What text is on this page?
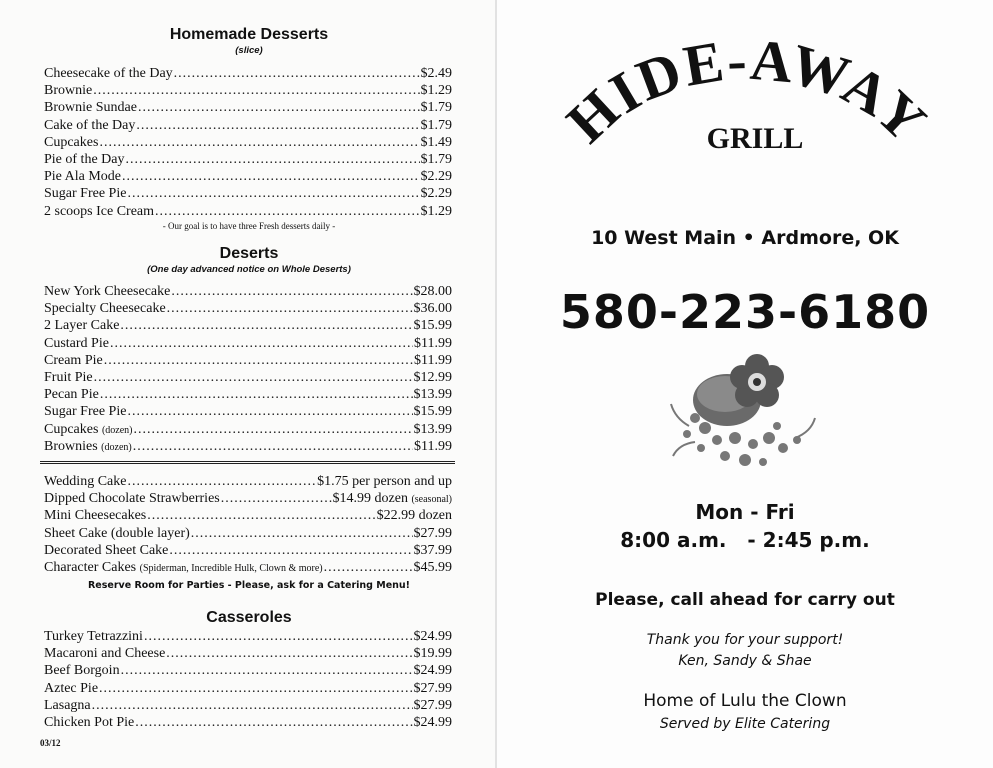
Homemade Desserts
(slice)
Cheesecake of the Day .....	$2.49
Brownie .....	$1.29
Brownie Sundae .....	$1.79
Cake of the Day .....	$1.79
Cupcakes .....	$1.49
Pie of the Day .....	$1.79
Pie Ala Mode .....	$2.29
Sugar Free Pie .....	$2.29
2 scoops Ice Cream .....	$1.29
- Our goal is to have three Fresh desserts daily -
Deserts
(One day advanced notice on Whole Deserts)
New York Cheesecake .....	$28.00
Specialty Cheesecake .....	$36.00
2 Layer Cake .....	$15.99
Custard Pie .....	$11.99
Cream Pie .....	$11.99
Fruit Pie .....	$12.99
Pecan Pie .....	$13.99
Sugar Free Pie .....	$15.99
Cupcakes (dozen) .....	$13.99
Brownies (dozen) .....	$11.99
Wedding Cake .....	$1.75 per person and up
Dipped Chocolate Strawberries .....	$14.99 dozen (seasonal)
Mini Cheesecakes .....	$22.99 dozen
Sheet Cake (double layer) .....	$27.99
Decorated Sheet Cake .....	$37.99
Character Cakes (Spiderman, Incredible Hulk, Clown & more) .....	$45.99
Reserve Room for Parties - Please, ask for a Catering Menu!
Casseroles
Turkey Tetrazzini .....	$24.99
Macaroni and Cheese .....	$19.99
Beef Borgoin .....	$24.99
Aztec Pie .....	$27.99
Lasagna .....	$27.99
Chicken Pot Pie .....	$24.99
03/12
HIDE-AWAY
GRILL
10 West Main • Ardmore, OK
580-223-6180
Mon - Fri
8:00 a.m.   - 2:45 p.m.
Please, call ahead for carry out
Thank you for your support!
Ken, Sandy & Shae
Home of Lulu the Clown
Served by Elite Catering
